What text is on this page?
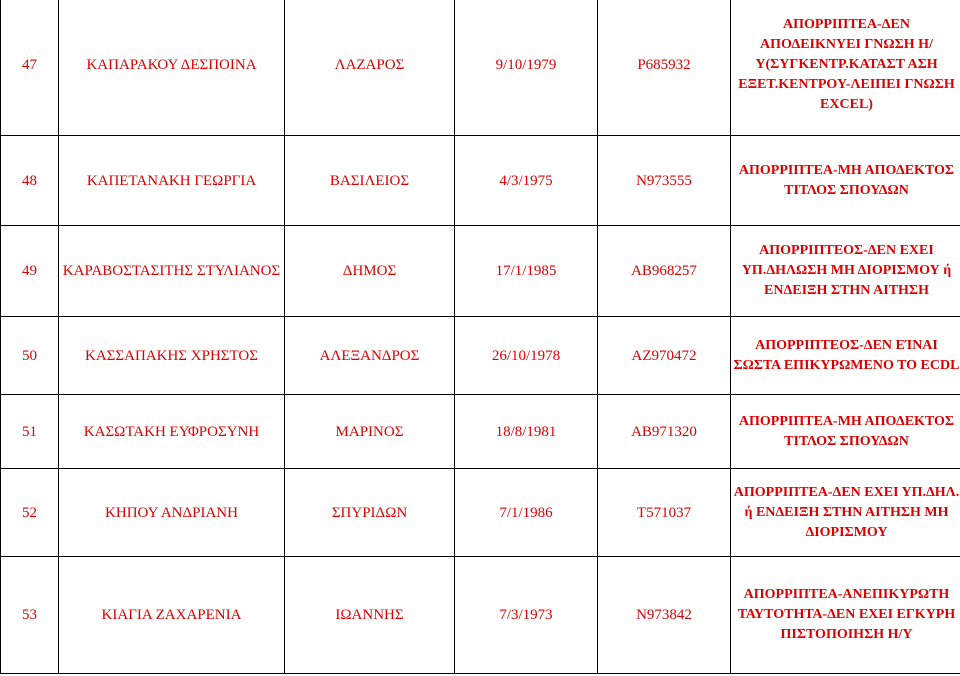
47	ΚΑΠΑΡΑΚΟΥ ΔΕΣΠΟΙΝΑ	ΛΑΖΑΡΟΣ	9/10/1979	Ρ685932	ΑΠΟΡΡΙΠΤΕΑ-ΔΕΝ ΑΠΟΔΕΙΚΝΥΕΙ ΓΝΩΣΗ Η/Υ(ΣΥΓΚΕΝΤΡ.ΚΑΤΑΣΤ ΑΣΗ ΕΞΕΤ.ΚΕΝΤΡΟΥ-ΛΕΙΠΕΙ ΓΝΩΣΗ EXCEL)
48	ΚΑΠΕΤΑΝΑΚΗ ΓΕΩΡΓΙΑ	ΒΑΣΙΛΕΙΟΣ	4/3/1975	Ν973555	ΑΠΟΡΡΙΠΤΕΑ-ΜΗ ΑΠΟΔΕΚΤΟΣ ΤΙΤΛΟΣ ΣΠΟΥΔΩΝ
49	ΚΑΡΑΒΟΣΤΑΣΙΤΗΣ ΣΤΥΛΙΑΝΟΣ	ΔΗΜΟΣ	17/1/1985	ΑΒ968257	ΑΠΟΡΡΙΠΤΕΟΣ-ΔΕΝ ΕΧΕΙ ΥΠ.ΔΗΛΩΣΗ ΜΗ ΔΙΟΡΙΣΜΟΥ ή ΕΝΔΕΙΞΗ ΣΤΗΝ ΑΙΤΗΣΗ
50	ΚΑΣΣΑΠΑΚΗΣ ΧΡΗΣΤΟΣ	ΑΛΕΞΑΝΔΡΟΣ	26/10/1978	ΑΖ970472	ΑΠΟΡΡΙΠΤΕΟΣ-ΔΕΝ ΕΊΝΑΙ ΣΩΣΤΑ ΕΠΙΚΥΡΩΜΕΝΟ ΤΟ ECDL
51	ΚΑΣΩΤΑΚΗ ΕΥΦΡΟΣΥΝΗ	ΜΑΡΙΝΟΣ	18/8/1981	ΑΒ971320	ΑΠΟΡΡΙΠΤΕΑ-ΜΗ ΑΠΟΔΕΚΤΟΣ ΤΙΤΛΟΣ ΣΠΟΥΔΩΝ
52	ΚΗΠΟΥ ΑΝΔΡΙΑΝΗ	ΣΠΥΡΙΔΩΝ	7/1/1986	Τ571037	ΑΠΟΡΡΙΠΤΕΑ-ΔΕΝ ΕΧΕΙ ΥΠ.ΔΗΛ. ή ΕΝΔΕΙΞΗ ΣΤΗΝ ΑΙΤΗΣΗ ΜΗ ΔΙΟΡΙΣΜΟΥ
53	ΚΙΑΓΙΑ ΖΑΧΑΡΕΝΙΑ	ΙΩΑΝΝΗΣ	7/3/1973	Ν973842	ΑΠΟΡΡΙΠΤΕΑ-ΑΝΕΠΙΚΥΡΩΤΗ ΤΑΥΤΟΤΗΤΑ-ΔΕΝ ΕΧΕΙ ΕΓΚΥΡΗ ΠΙΣΤΟΠΟΙΗΣΗ Η/Υ
